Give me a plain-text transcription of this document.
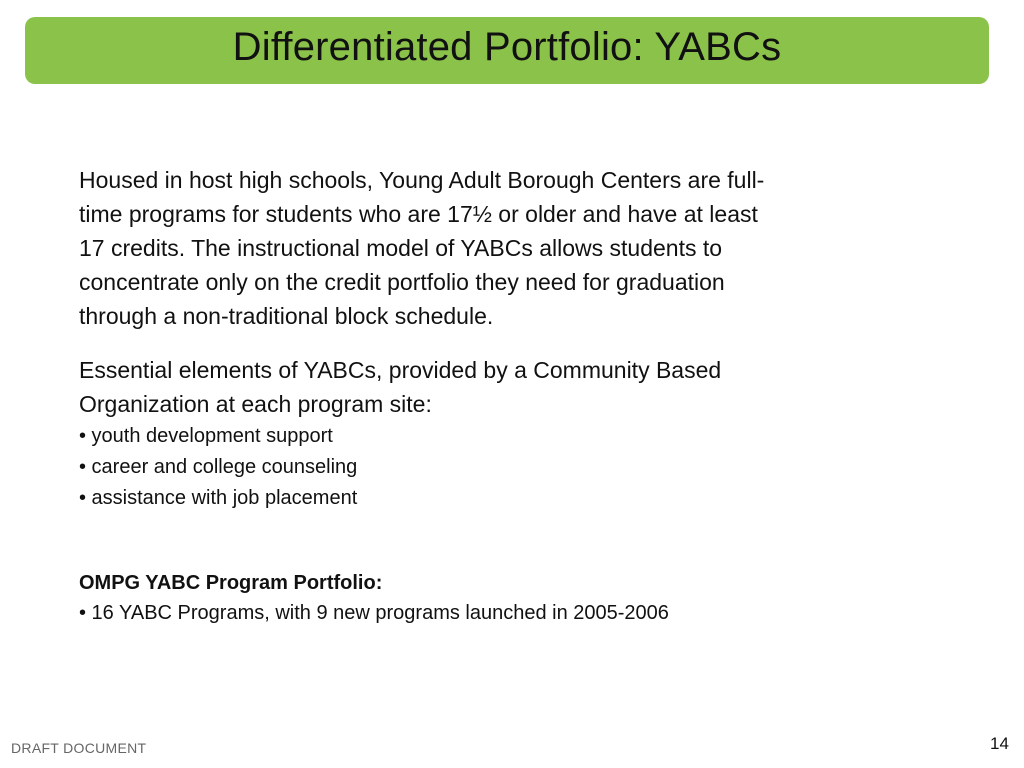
Differentiated Portfolio: YABCs
Housed in host high schools, Young Adult Borough Centers are full-
time programs for students who are 17½ or older and have at least
17 credits. The instructional model of YABCs allows students to
concentrate only on the credit portfolio they need for graduation
through a non-traditional block schedule.
Essential elements of YABCs, provided by a Community Based
Organization at each program site:
• youth development support
• career and college counseling
• assistance with job placement
OMPG YABC Program Portfolio:
• 16 YABC Programs, with 9 new programs launched in 2005-2006
DRAFT DOCUMENT	14
